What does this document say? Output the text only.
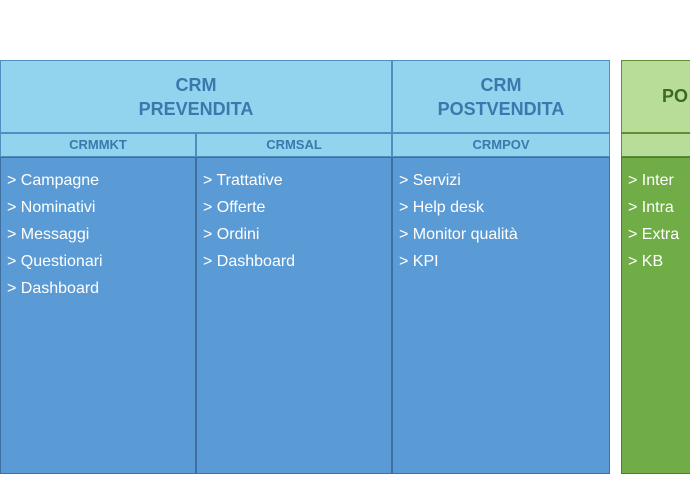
CRM
PREVENDITA
CRM
POSTVENDITA
PO
CRMMKT	CRMSAL	CRMPOV
> Campagne
> Nominativi
> Messaggi
> Questionari
> Dashboard
> Trattative
> Offerte
> Ordini
> Dashboard
> Servizi
> Help desk
> Monitor qualità
> KPI
> Inter
> Intra
> Extra
> KB
